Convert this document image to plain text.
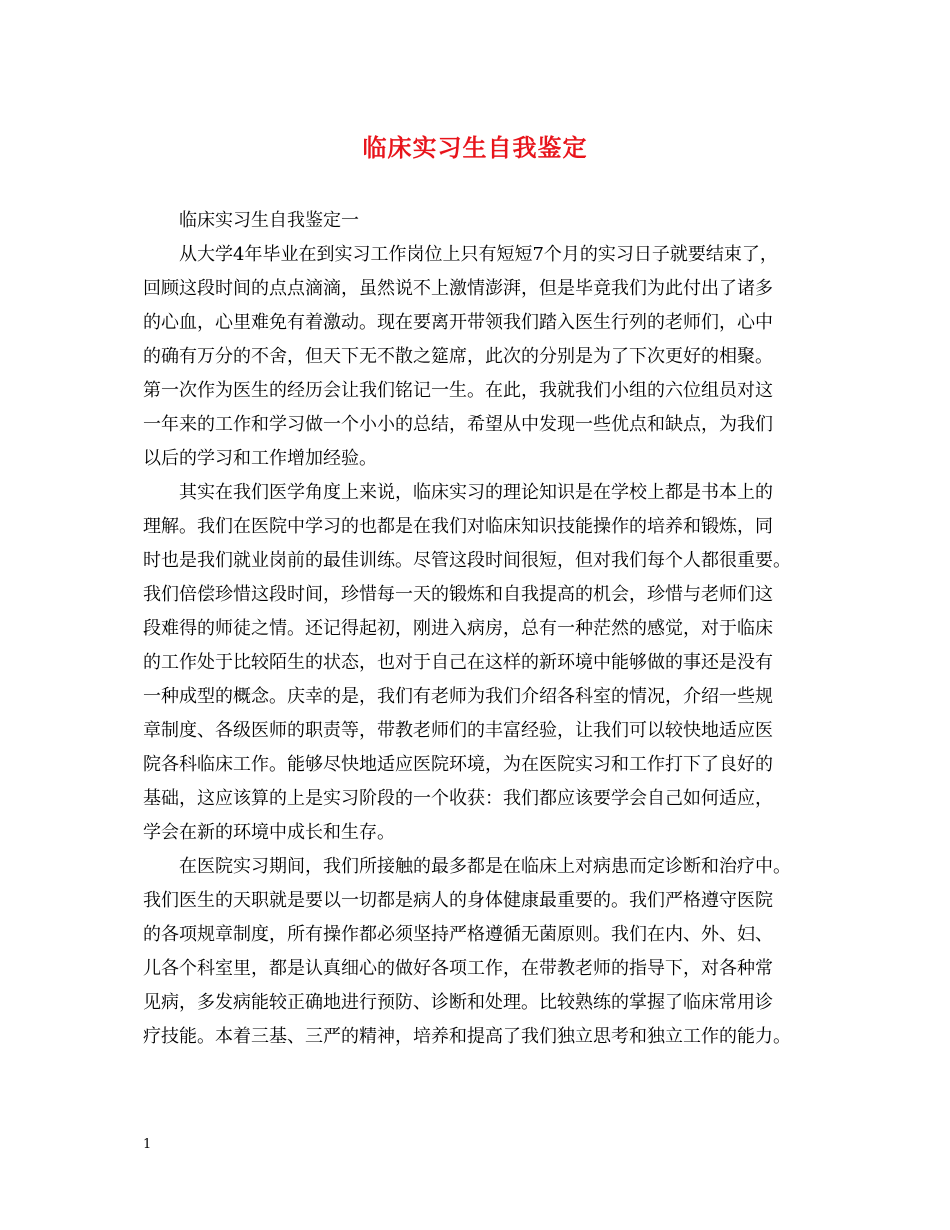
临床实习生自我鉴定

临床实习生自我鉴定一

从大学4年毕业在到实习工作岗位上只有短短7个月的实习日子就要结束了，

回顾这段时间的点点滴滴，虽然说不上激情澎湃，但是毕竟我们为此付出了诸多

的心血，心里难免有着激动。现在要离开带领我们踏入医生行列的老师们，心中

的确有万分的不舍，但天下无不散之筵席，此次的分别是为了下次更好的相聚。

第一次作为医生的经历会让我们铭记一生。在此，我就我们小组的六位组员对这

一年来的工作和学习做一个小小的总结，希望从中发现一些优点和缺点，为我们

以后的学习和工作增加经验。

其实在我们医学角度上来说，临床实习的理论知识是在学校上都是书本上的

理解。我们在医院中学习的也都是在我们对临床知识技能操作的培养和锻炼，同

时也是我们就业岗前的最佳训练。尽管这段时间很短，但对我们每个人都很重要。

我们倍偿珍惜这段时间，珍惜每一天的锻炼和自我提高的机会，珍惜与老师们这

段难得的师徒之情。还记得起初，刚进入病房，总有一种茫然的感觉，对于临床

的工作处于比较陌生的状态，也对于自己在这样的新环境中能够做的事还是没有

一种成型的概念。庆幸的是，我们有老师为我们介绍各科室的情况，介绍一些规

章制度、各级医师的职责等，带教老师们的丰富经验，让我们可以较快地适应医

院各科临床工作。能够尽快地适应医院环境，为在医院实习和工作打下了良好的

基础，这应该算的上是实习阶段的一个收获：我们都应该要学会自己如何适应，

学会在新的环境中成长和生存。

在医院实习期间，我们所接触的最多都是在临床上对病患而定诊断和治疗中。

我们医生的天职就是要以一切都是病人的身体健康最重要的。我们严格遵守医院

的各项规章制度，所有操作都必须坚持严格遵循无菌原则。我们在内、外、妇、

儿各个科室里，都是认真细心的做好各项工作，在带教老师的指导下，对各种常

见病，多发病能较正确地进行预防、诊断和处理。比较熟练的掌握了临床常用诊

疗技能。本着三基、三严的精神，培养和提高了我们独立思考和独立工作的能力。

1
